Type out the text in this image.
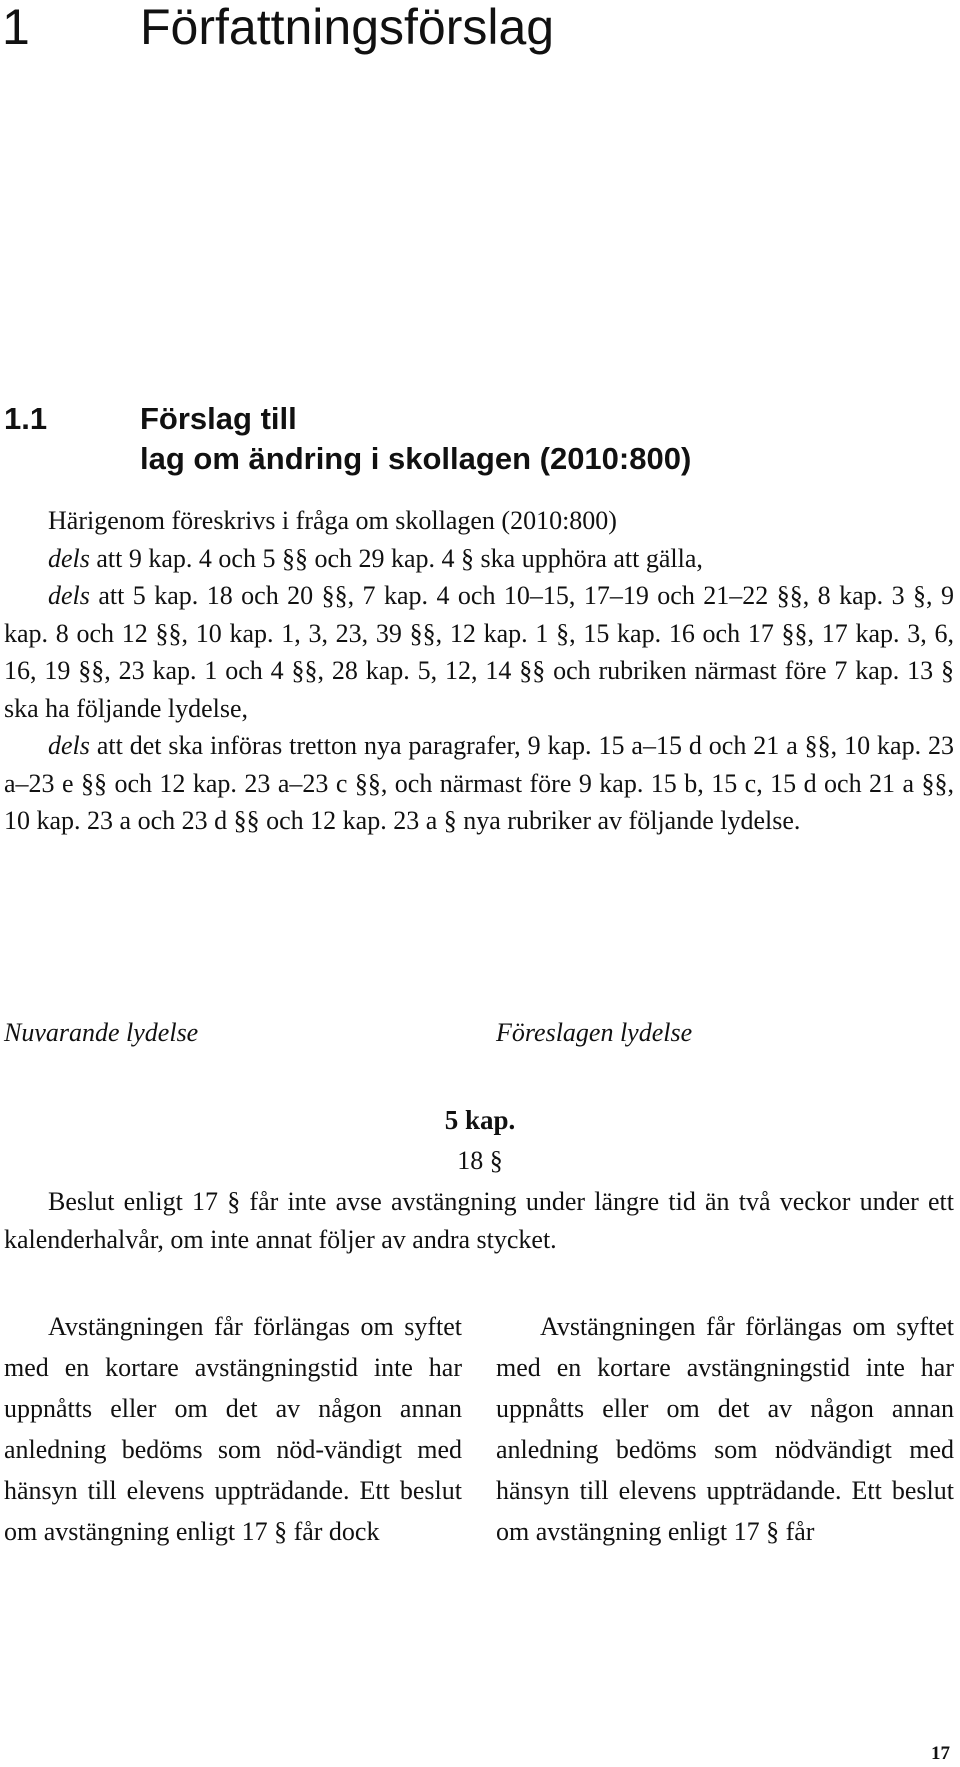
1 Författningsförslag
1.1	Förslag till
lag om ändring i skollagen (2010:800)

Härigenom föreskrivs i fråga om skollagen (2010:800)

dels att 9 kap. 4 och 5 §§ och 29 kap. 4 § ska upphöra att gälla,

dels att 5 kap. 18 och 20 §§, 7 kap. 4 och 10–15, 17–19 och 21–22 §§, 8 kap. 3 §, 9 kap. 8 och 12 §§, 10 kap. 1, 3, 23, 39 §§, 12 kap. 1 §, 15 kap. 16 och 17 §§, 17 kap. 3, 6, 16, 19 §§, 23 kap. 1 och 4 §§, 28 kap. 5, 12, 14 §§ och rubriken närmast före 7 kap. 13 § ska ha följande lydelse,

dels att det ska införas tretton nya paragrafer, 9 kap. 15 a–15 d och 21 a §§, 10 kap. 23 a–23 e §§ och 12 kap. 23 a–23 c §§, och närmast före 9 kap. 15 b, 15 c, 15 d och 21 a §§, 10 kap. 23 a och 23 d §§ och 12 kap. 23 a § nya rubriker av följande lydelse.

Nuvarande lydelse	Föreslagen lydelse
5 kap.
18 §

Beslut enligt 17 § får inte avse avstängning under längre tid än två veckor under ett kalenderhalvår, om inte annat följer av andra stycket.

Avstängningen får förlängas om syftet med en kortare avstängningstid inte har uppnåtts eller om det av någon annan anledning bedöms som nöd-vändigt med hänsyn till elevens uppträdande. Ett beslut om avstängning enligt 17 § får dock

Avstängningen får förlängas om syftet med en kortare avstängningstid inte har uppnåtts eller om det av någon annan anledning bedöms som nödvändigt med hänsyn till elevens uppträdande. Ett beslut om avstängning enligt 17 § får

17
